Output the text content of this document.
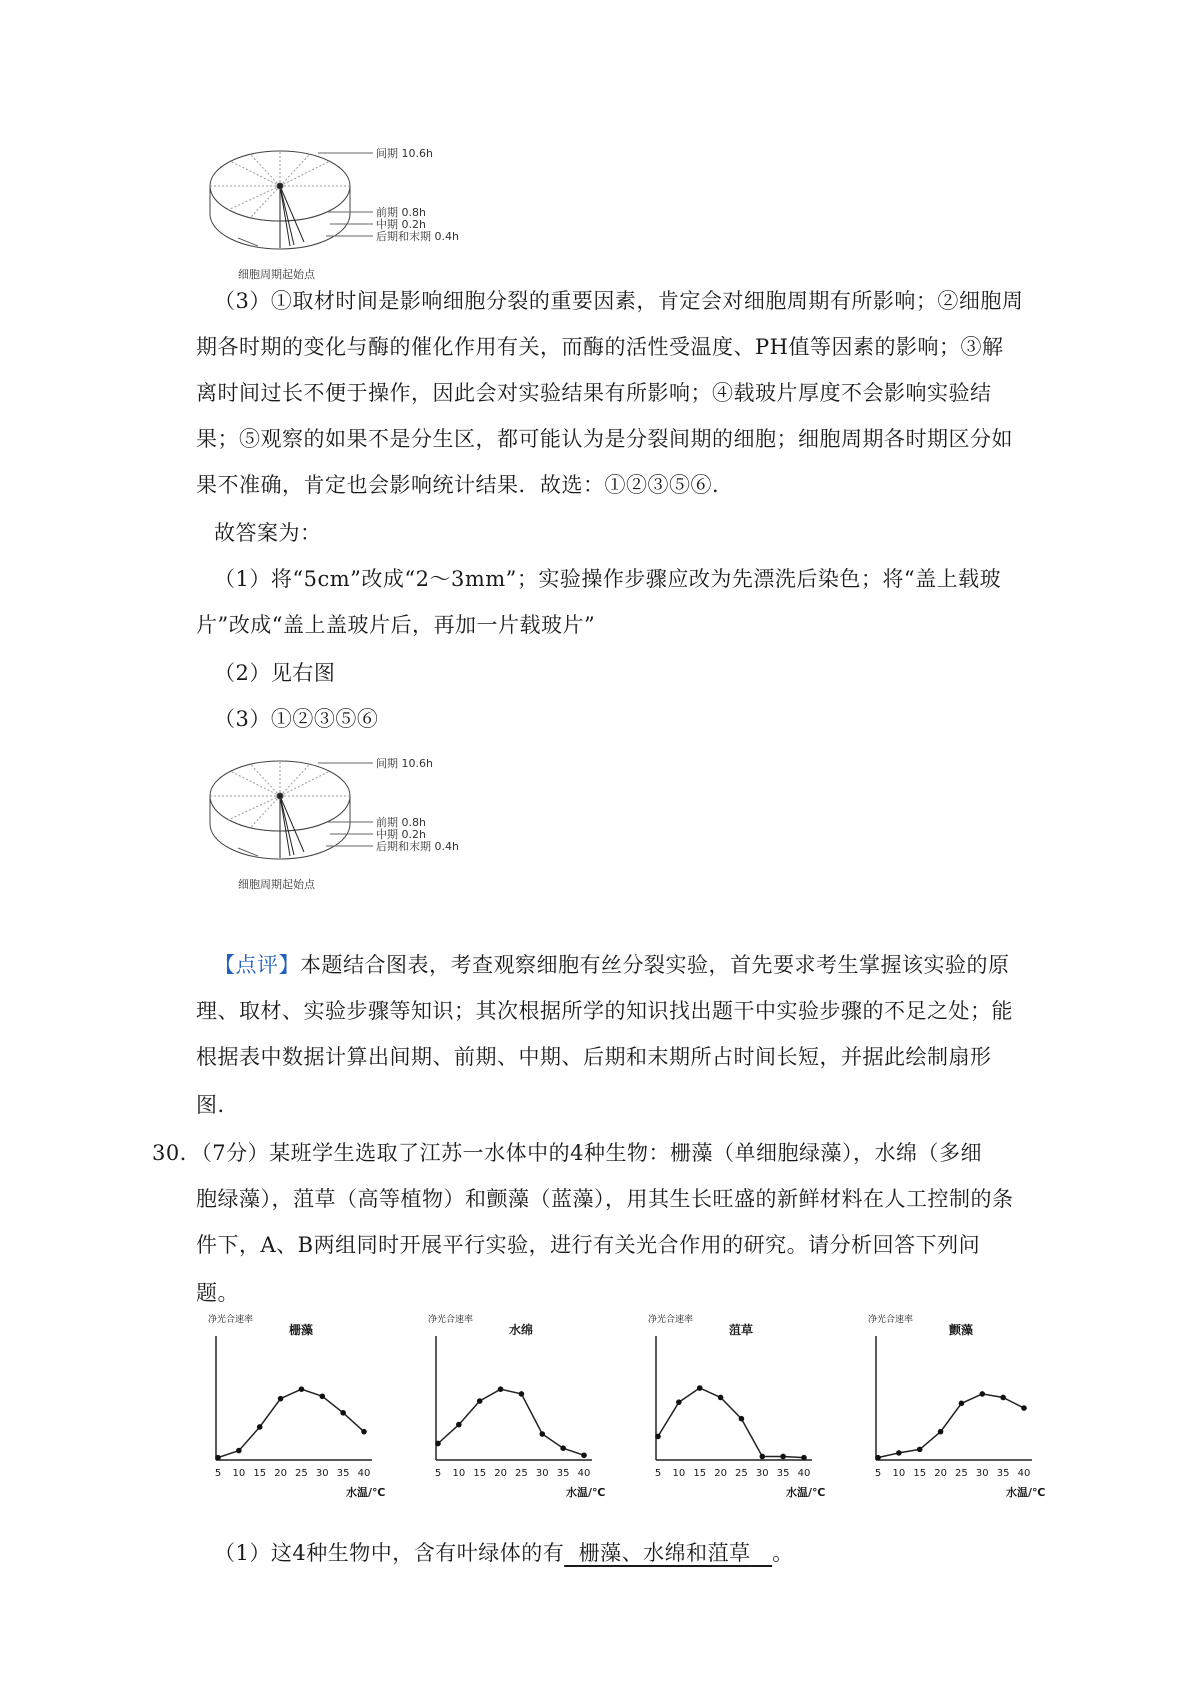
间期 10.6h
前期 0.8h
中期 0.2h
后期和末期 0.4h
细胞周期起始点
（3）①取材时间是影响细胞分裂的重要因素，肯定会对细胞周期有所影响；②细胞周
期各时期的变化与酶的催化作用有关，而酶的活性受温度、PH值等因素的影响；③解
离时间过长不便于操作，因此会对实验结果有所影响；④载玻片厚度不会影响实验结
果；⑤观察的如果不是分生区，都可能认为是分裂间期的细胞；细胞周期各时期区分如
果不准确，肯定也会影响统计结果．故选：①②③⑤⑥．
故答案为：
（1）将“5cm”改成“2～3mm”；实验操作步骤应改为先漂洗后染色；将“盖上载玻
片”改成“盖上盖玻片后，再加一片载玻片”
（2）见右图
（3）①②③⑤⑥
间期 10.6h
前期 0.8h
中期 0.2h
后期和末期 0.4h
细胞周期起始点
【点评】本题结合图表，考查观察细胞有丝分裂实验，首先要求考生掌握该实验的原
理、取材、实验步骤等知识；其次根据所学的知识找出题干中实验步骤的不足之处；能
根据表中数据计算出间期、前期、中期、后期和末期所占时间长短，并据此绘制扇形
图．
30．（7分）某班学生选取了江苏一水体中的4种生物：栅藻（单细胞绿藻），水绵（多细
胞绿藻），菹草（高等植物）和颤藻（蓝藻），用其生长旺盛的新鲜材料在人工控制的条
件下，A、B两组同时开展平行实验，进行有关光合作用的研究。请分析回答下列问
题。
净光合速率
栅藻
5 10 15 20 25 30 35 40
水温/℃
净光合速率
水绵
5 10 15 20 25 30 35 40
水温/℃
净光合速率
菹草
5 10 15 20 25 30 35 40
水温/℃
净光合速率
颤藻
5 10 15 20 25 30 35 40
水温/℃
（1）这4种生物中，含有叶绿体的有 栅藻、水绵和菹草 。
